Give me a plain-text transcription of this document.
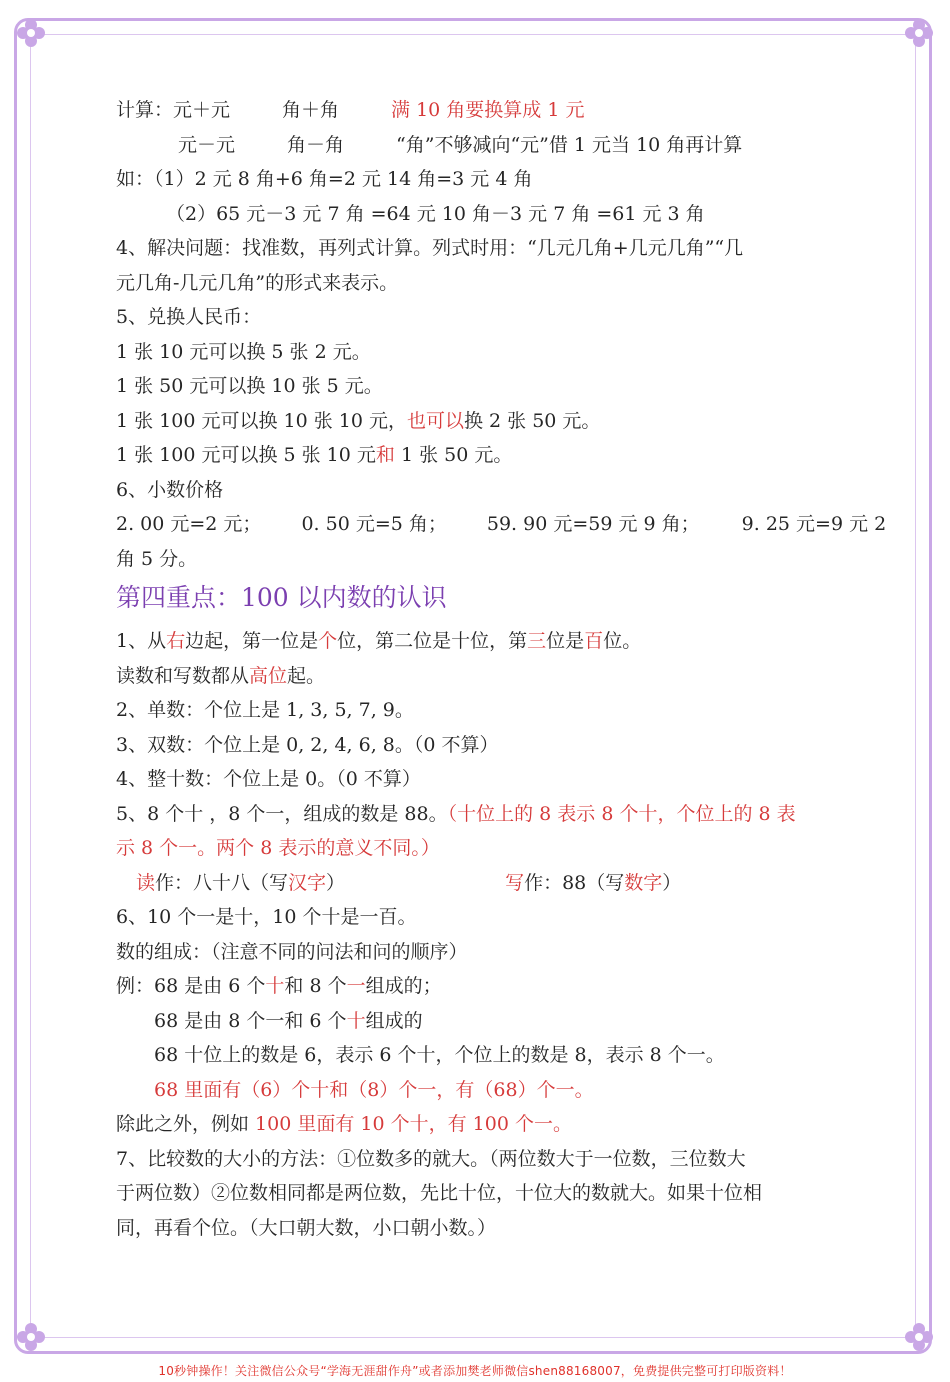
计算：元＋元	角＋角	满 10 角要换算成 1 元
元－元	角－角	“角”不够减向“元”借 1 元当 10 角再计算
如：（1）2 元 8 角+6 角=2 元 14 角=3 元 4 角
（2）65 元－3 元 7 角 =64 元 10 角－3 元 7 角 =61 元 3 角
4、解决问题：找准数，再列式计算。列式时用：“几元几角+几元几角”“几
元几角-几元几角”的形式来表示。
5、兑换人民币：
1 张 10 元可以换 5 张 2 元。
1 张 50 元可以换 10 张 5 元。
1 张 100 元可以换 10 张 10 元，也可以换 2 张 50 元。
1 张 100 元可以换 5 张 10 元和 1 张 50 元。
6、小数价格
2. 00 元=2 元； 0. 50 元=5 角； 59. 90 元=59 元 9 角； 9. 25 元=9 元 2
角 5 分。
第四重点：100 以内数的认识
1、从右边起，第一位是个位，第二位是十位，第三位是百位。
读数和写数都从高位起。
2、单数：个位上是 1, 3, 5, 7, 9。
3、双数：个位上是 0, 2, 4, 6, 8。（0 不算）
4、整十数：个位上是 0。（0 不算）
5、8 个十 ，8 个一，组成的数是 88。（十位上的 8 表示 8 个十，个位上的 8 表
示 8 个一。两个 8 表示的意义不同。）
读作：八十八（写汉字）	写作：88（写数字）
6、10 个一是十，10 个十是一百。
数的组成：（注意不同的问法和问的顺序）
例：68 是由 6 个十和 8 个一组成的；
68 是由 8 个一和 6 个十组成的
68 十位上的数是 6，表示 6 个十，个位上的数是 8，表示 8 个一。
68 里面有（6）个十和（8）个一，有（68）个一。
除此之外，例如 100 里面有 10 个十，有 100 个一。
7、比较数的大小的方法：①位数多的就大。（两位数大于一位数，三位数大
于两位数）②位数相同都是两位数，先比十位，十位大的数就大。如果十位相
同，再看个位。（大口朝大数，小口朝小数。）
10秒钟操作！关注微信公众号“学海无涯甜作舟”或者添加樊老师微信shen88168007，免费提供完整可打印版资料！
